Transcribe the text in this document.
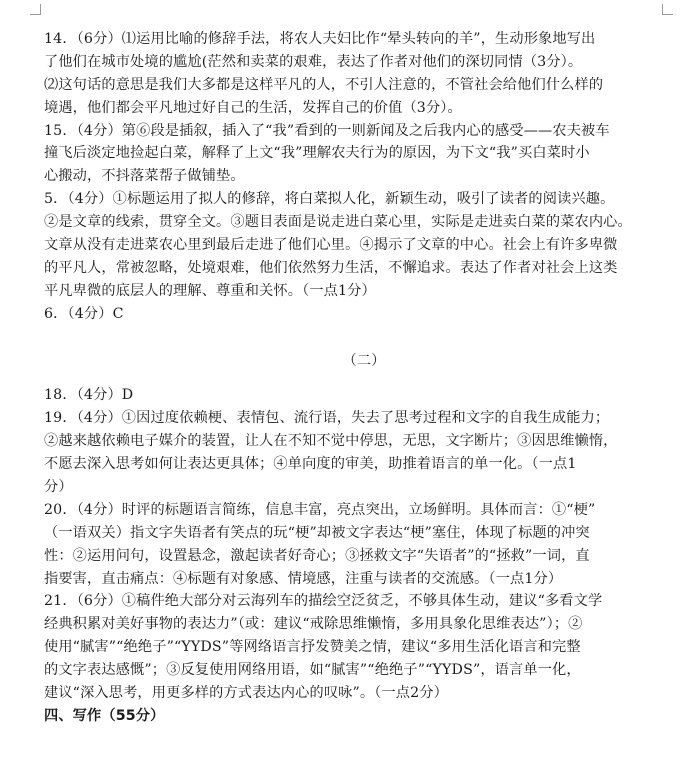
14．（6分）⑴运用比喻的修辞手法，将农人夫妇比作“晕头转向的羊”，生动形象地写出
了他们在城市处境的尴尬(茫然和卖菜的艰难，表达了作者对他们的深切同情（3分）。
⑵这句话的意思是我们大多都是这样平凡的人，不引人注意的，不管社会给他们什么样的
境遇，他们都会平凡地过好自己的生活，发挥自己的价值（3分）。
15．（4分）第⑥段是插叙，插入了“我”看到的一则新闻及之后我内心的感受——农夫被车
撞飞后淡定地捡起白菜，解释了上文“我”理解农夫行为的原因，为下文“我”买白菜时小
心搬动，不抖落菜帮子做铺垫。
5．（4分）①标题运用了拟人的修辞，将白菜拟人化，新颖生动，吸引了读者的阅读兴趣。
②是文章的线索，贯穿全文。③题目表面是说走进白菜心里，实际是走进卖白菜的菜农内心。
文章从没有走进菜农心里到最后走进了他们心里。④揭示了文章的中心。社会上有许多卑微
的平凡人，常被忽略，处境艰难，他们依然努力生活，不懈追求。表达了作者对社会上这类
平凡卑微的底层人的理解、尊重和关怀。（一点1分）
6．（4分）C
（二）
18．（4分）D
19．（4分）①因过度依赖梗、表情包、流行语，失去了思考过程和文字的自我生成能力；
②越来越依赖电子媒介的装置，让人在不知不觉中停思，无思，文字断片；③因思维懒惰，
不愿去深入思考如何让表达更具体；④单向度的审美，助推着语言的单一化。（一点1
分）
20．（4分）时评的标题语言简练，信息丰富，亮点突出，立场鲜明。具体而言：①“梗”
（一语双关）指文字失语者有笑点的玩“梗”却被文字表达“梗”塞住，体现了标题的冲突
性：②运用问句，设置悬念，激起读者好奇心；③拯救文字“失语者”的“拯救”一词，直
指要害，直击痛点：④标题有对象感、情境感，注重与读者的交流感。（一点1分）
21．（6分）①稿件绝大部分对云海列车的描绘空泛贫乏，不够具体生动，建议“多看文学
经典积累对美好事物的表达力”（或：建议“戒除思维懒惰，多用具象化思维表达”）；②
使用“腻害”“绝绝子”“YYDS”等网络语言抒发赞美之情，建议“多用生活化语言和完整
的文字表达感慨”；③反复使用网络用语，如“腻害”“绝绝子”“YYDS”，语言单一化，
建议“深入思考，用更多样的方式表达内心的叹咏”。（一点2分）
四、写作（55分）
